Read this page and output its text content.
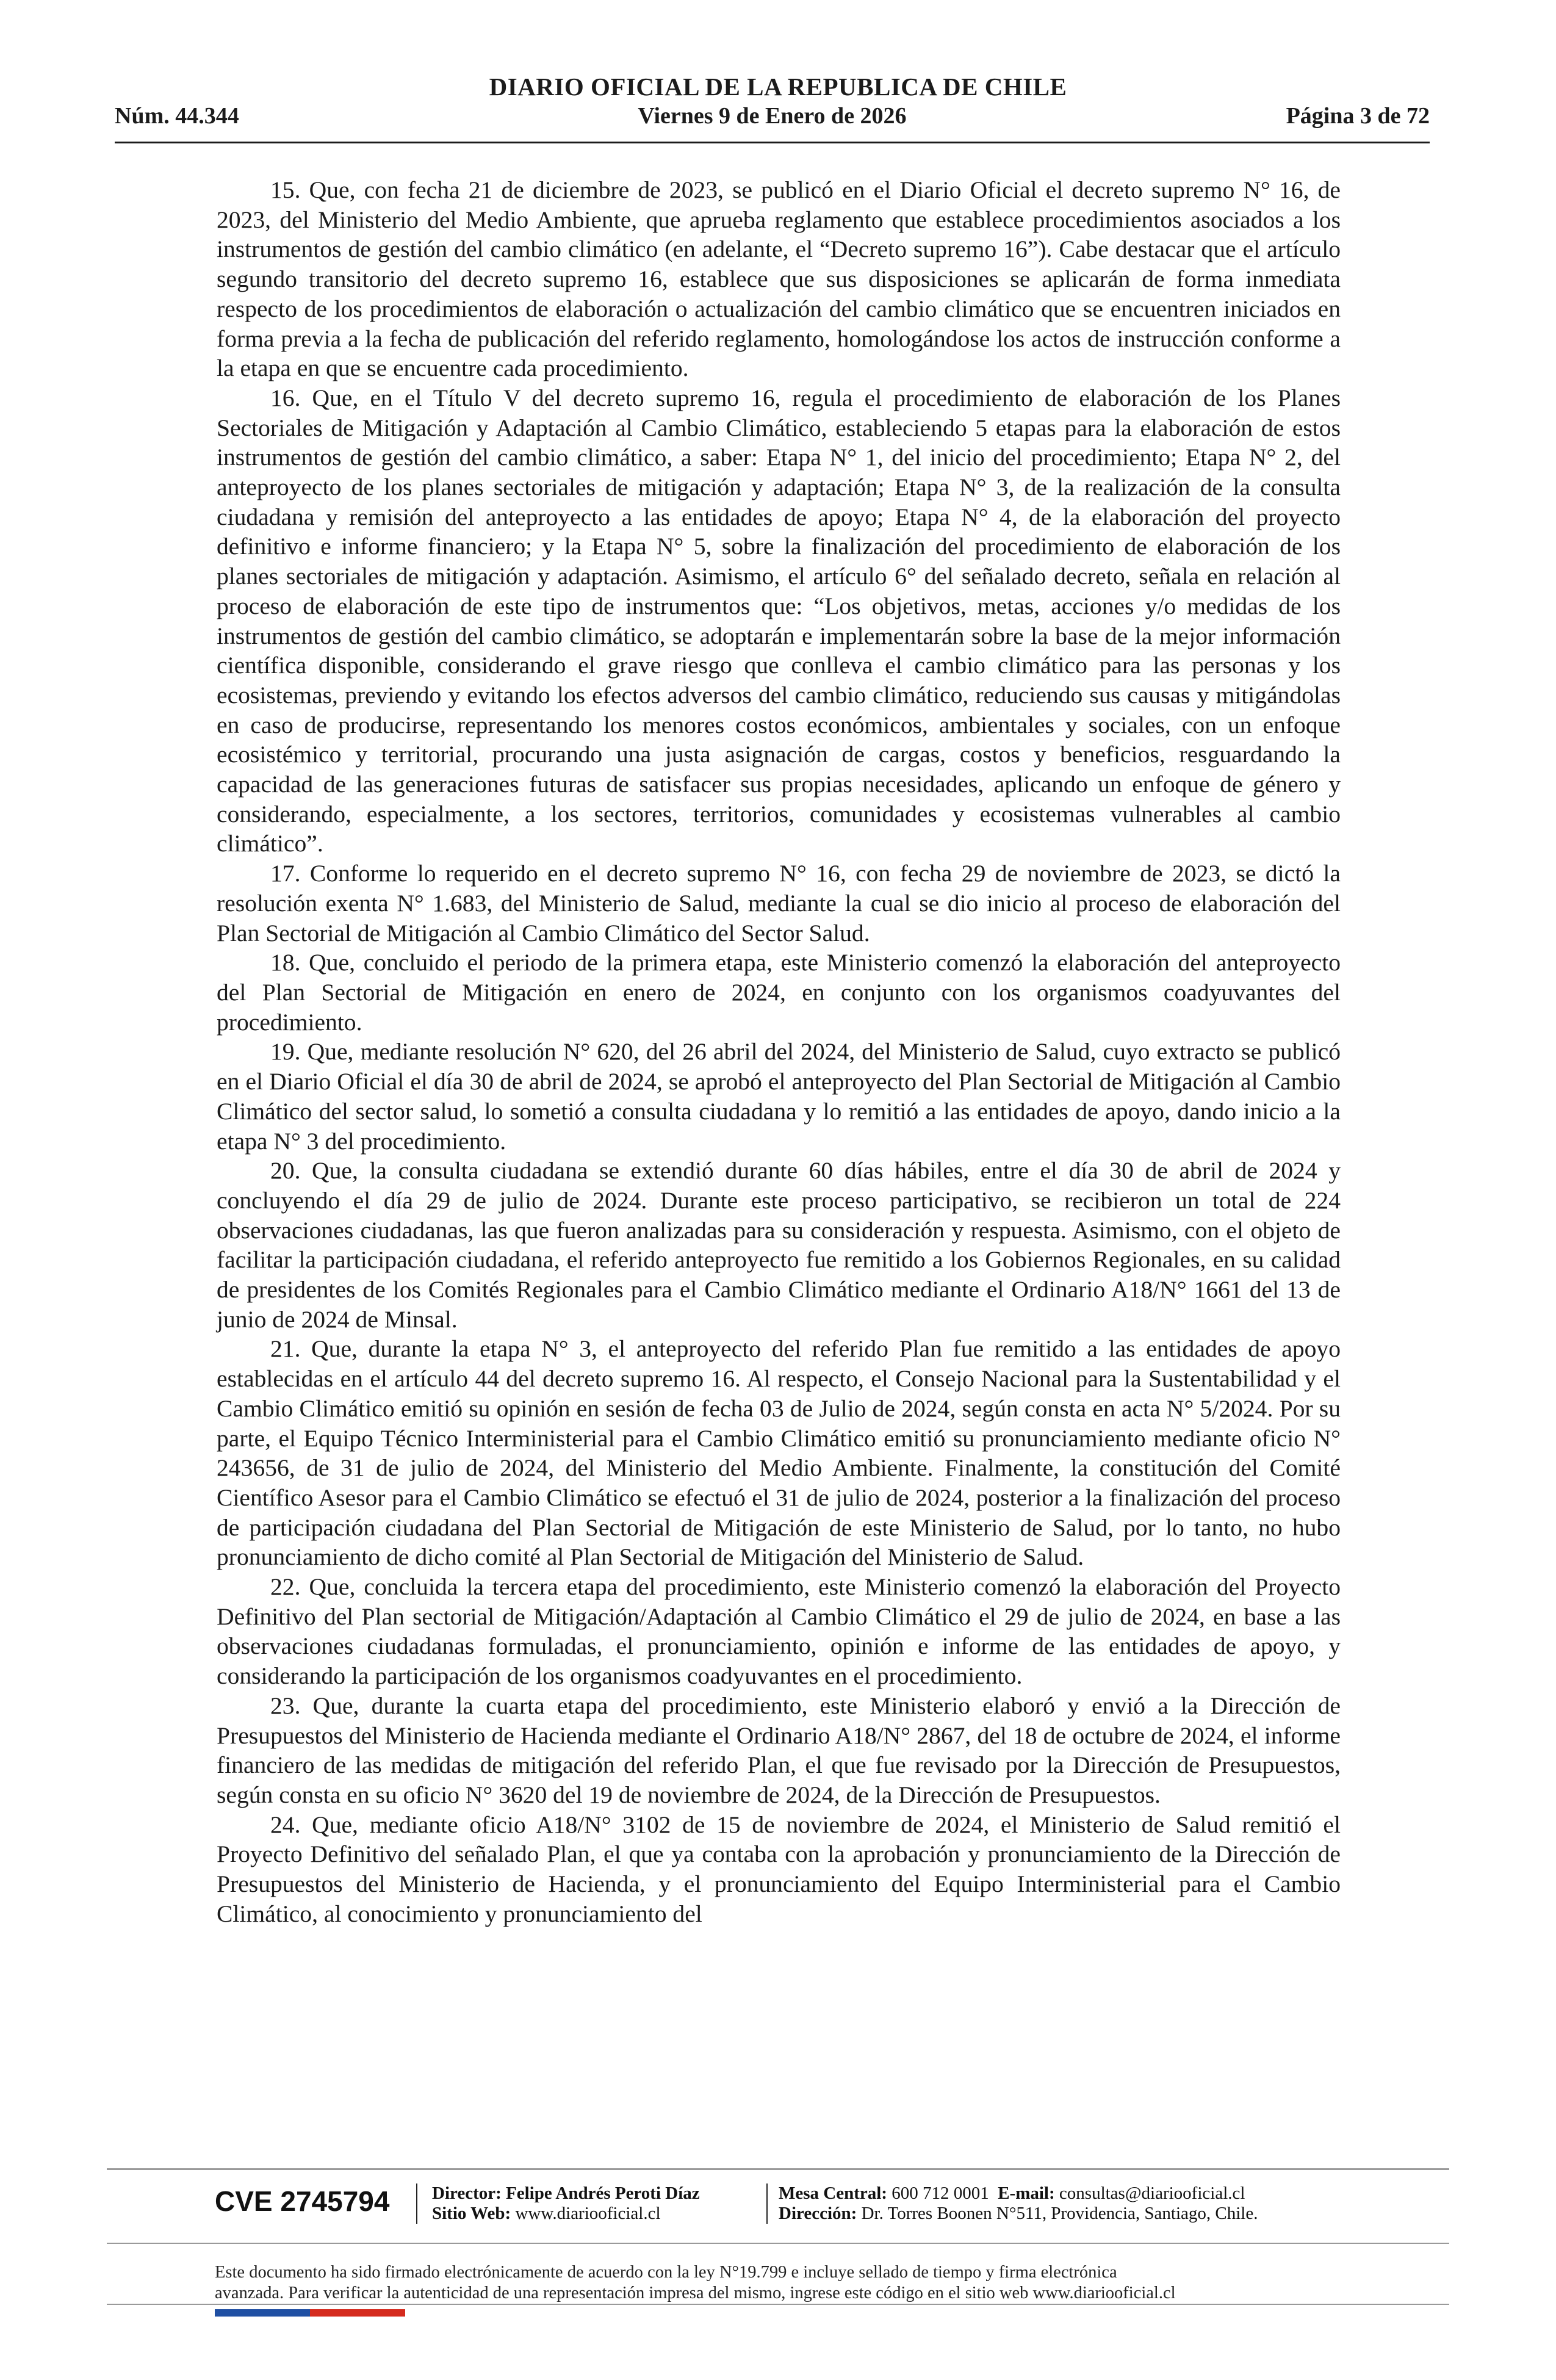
DIARIO OFICIAL DE LA REPUBLICA DE CHILE
Núm. 44.344	Viernes 9 de Enero de 2026	Página 3 de 72

15. Que, con fecha 21 de diciembre de 2023, se publicó en el Diario Oficial el decreto supremo N° 16, de 2023, del Ministerio del Medio Ambiente, que aprueba reglamento que establece procedimientos asociados a los instrumentos de gestión del cambio climático (en adelante, el “Decreto supremo 16”). Cabe destacar que el artículo segundo transitorio del decreto supremo 16, establece que sus disposiciones se aplicarán de forma inmediata respecto de los procedimientos de elaboración o actualización del cambio climático que se encuentren iniciados en forma previa a la fecha de publicación del referido reglamento, homologándose los actos de instrucción conforme a la etapa en que se encuentre cada procedimiento.

16. Que, en el Título V del decreto supremo 16, regula el procedimiento de elaboración de los Planes Sectoriales de Mitigación y Adaptación al Cambio Climático, estableciendo 5 etapas para la elaboración de estos instrumentos de gestión del cambio climático, a saber: Etapa N° 1, del inicio del procedimiento; Etapa N° 2, del anteproyecto de los planes sectoriales de mitigación y adaptación; Etapa N° 3, de la realización de la consulta ciudadana y remisión del anteproyecto a las entidades de apoyo; Etapa N° 4, de la elaboración del proyecto definitivo e informe financiero; y la Etapa N° 5, sobre la finalización del procedimiento de elaboración de los planes sectoriales de mitigación y adaptación. Asimismo, el artículo 6° del señalado decreto, señala en relación al proceso de elaboración de este tipo de instrumentos que: “Los objetivos, metas, acciones y/o medidas de los instrumentos de gestión del cambio climático, se adoptarán e implementarán sobre la base de la mejor información científica disponible, considerando el grave riesgo que conlleva el cambio climático para las personas y los ecosistemas, previendo y evitando los efectos adversos del cambio climático, reduciendo sus causas y mitigándolas en caso de producirse, representando los menores costos económicos, ambientales y sociales, con un enfoque ecosistémico y territorial, procurando una justa asignación de cargas, costos y beneficios, resguardando la capacidad de las generaciones futuras de satisfacer sus propias necesidades, aplicando un enfoque de género y considerando, especialmente, a los sectores, territorios, comunidades y ecosistemas vulnerables al cambio climático”.

17. Conforme lo requerido en el decreto supremo N° 16, con fecha 29 de noviembre de 2023, se dictó la resolución exenta N° 1.683, del Ministerio de Salud, mediante la cual se dio inicio al proceso de elaboración del Plan Sectorial de Mitigación al Cambio Climático del Sector Salud.

18. Que, concluido el periodo de la primera etapa, este Ministerio comenzó la elaboración del anteproyecto del Plan Sectorial de Mitigación en enero de 2024, en conjunto con los organismos coadyuvantes del procedimiento.

19. Que, mediante resolución N° 620, del 26 abril del 2024, del Ministerio de Salud, cuyo extracto se publicó en el Diario Oficial el día 30 de abril de 2024, se aprobó el anteproyecto del Plan Sectorial de Mitigación al Cambio Climático del sector salud, lo sometió a consulta ciudadana y lo remitió a las entidades de apoyo, dando inicio a la etapa N° 3 del procedimiento.

20. Que, la consulta ciudadana se extendió durante 60 días hábiles, entre el día 30 de abril de 2024 y concluyendo el día 29 de julio de 2024. Durante este proceso participativo, se recibieron un total de 224 observaciones ciudadanas, las que fueron analizadas para su consideración y respuesta. Asimismo, con el objeto de facilitar la participación ciudadana, el referido anteproyecto fue remitido a los Gobiernos Regionales, en su calidad de presidentes de los Comités Regionales para el Cambio Climático mediante el Ordinario A18/N° 1661 del 13 de junio de 2024 de Minsal.

21. Que, durante la etapa N° 3, el anteproyecto del referido Plan fue remitido a las entidades de apoyo establecidas en el artículo 44 del decreto supremo 16. Al respecto, el Consejo Nacional para la Sustentabilidad y el Cambio Climático emitió su opinión en sesión de fecha 03 de Julio de 2024, según consta en acta N° 5/2024. Por su parte, el Equipo Técnico Interministerial para el Cambio Climático emitió su pronunciamiento mediante oficio N° 243656, de 31 de julio de 2024, del Ministerio del Medio Ambiente. Finalmente, la constitución del Comité Científico Asesor para el Cambio Climático se efectuó el 31 de julio de 2024, posterior a la finalización del proceso de participación ciudadana del Plan Sectorial de Mitigación de este Ministerio de Salud, por lo tanto, no hubo pronunciamiento de dicho comité al Plan Sectorial de Mitigación del Ministerio de Salud.

22. Que, concluida la tercera etapa del procedimiento, este Ministerio comenzó la elaboración del Proyecto Definitivo del Plan sectorial de Mitigación/Adaptación al Cambio Climático el 29 de julio de 2024, en base a las observaciones ciudadanas formuladas, el pronunciamiento, opinión e informe de las entidades de apoyo, y considerando la participación de los organismos coadyuvantes en el procedimiento.

23. Que, durante la cuarta etapa del procedimiento, este Ministerio elaboró y envió a la Dirección de Presupuestos del Ministerio de Hacienda mediante el Ordinario A18/N° 2867, del 18 de octubre de 2024, el informe financiero de las medidas de mitigación del referido Plan, el que fue revisado por la Dirección de Presupuestos, según consta en su oficio N° 3620 del 19 de noviembre de 2024, de la Dirección de Presupuestos.

24. Que, mediante oficio A18/N° 3102 de 15 de noviembre de 2024, el Ministerio de Salud remitió el Proyecto Definitivo del señalado Plan, el que ya contaba con la aprobación y pronunciamiento de la Dirección de Presupuestos del Ministerio de Hacienda, y el pronunciamiento del Equipo Interministerial para el Cambio Climático, al conocimiento y pronunciamiento del

CVE 2745794 Director: Felipe Andrés Peroti Díaz
Sitio Web: www.diariooficial.cl
Mesa Central: 600 712 0001 E-mail: consultas@diariooficial.cl
Dirección: Dr. Torres Boonen N°511, Providencia, Santiago, Chile.
Este documento ha sido firmado electrónicamente de acuerdo con la ley N°19.799 e incluye sellado de tiempo y firma electrónica
avanzada. Para verificar la autenticidad de una representación impresa del mismo, ingrese este código en el sitio web www.diariooficial.cl
